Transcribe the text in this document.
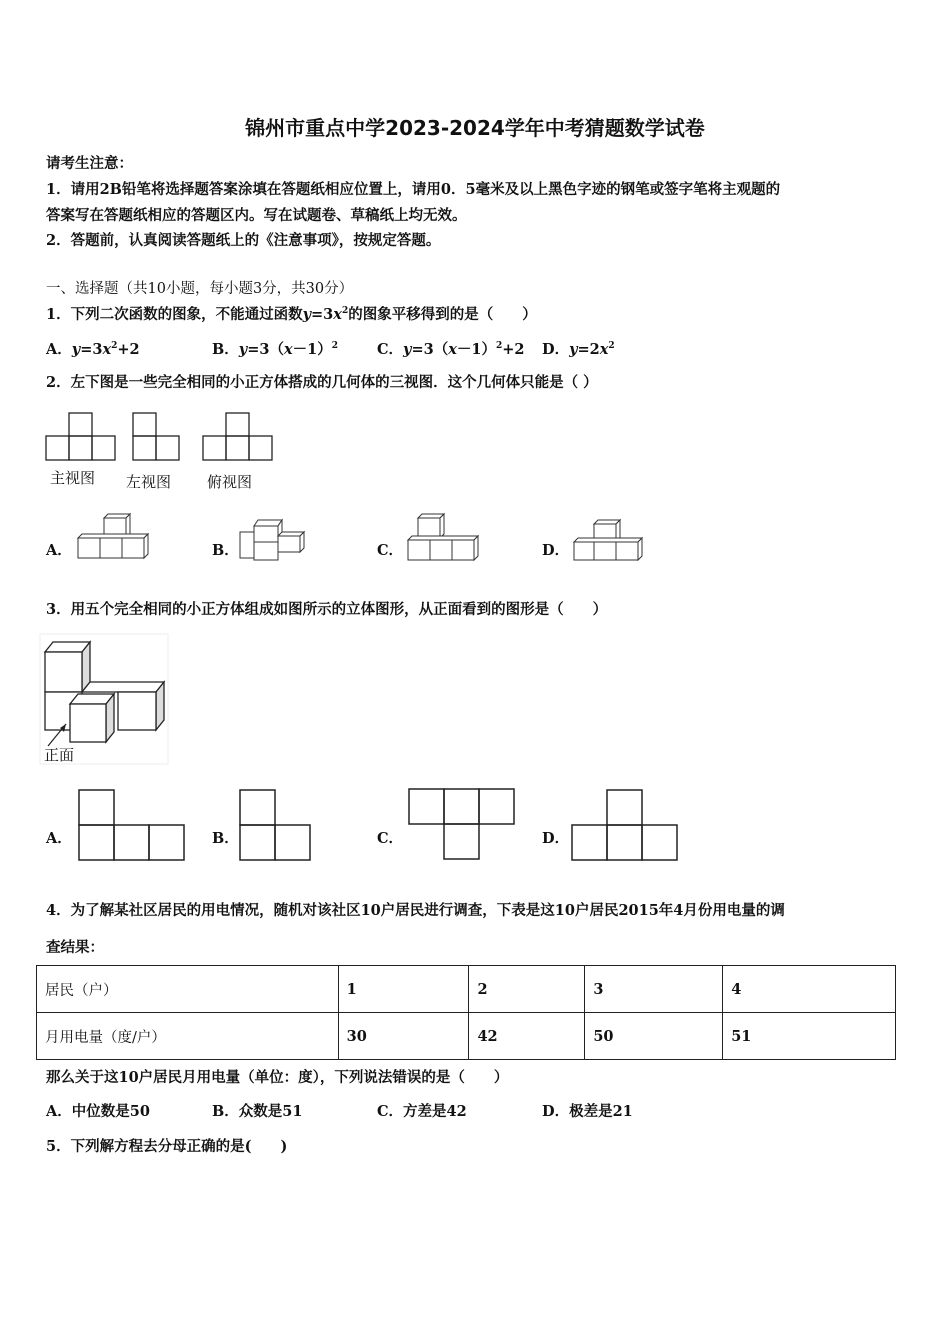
锦州市重点中学2023-2024学年中考猜题数学试卷
请考生注意：
1．请用2B铅笔将选择题答案涂填在答题纸相应位置上，请用0．5毫米及以上黑色字迹的钢笔或签字笔将主观题的
答案写在答题纸相应的答题区内。写在试题卷、草稿纸上均无效。
2．答题前，认真阅读答题纸上的《注意事项》，按规定答题。
一、选择题（共10小题，每小题3分，共30分）
1．下列二次函数的图象，不能通过函数$y=3x^2$的图象平移得到的是（　　）
A．$y=3x^2+2$	B．$y=3(x-1)^2$	C．$y=3(x-1)^2+2$ D．$y=2x^2$
2．左下图是一些完全相同的小正方体搭成的几何体的三视图．这个几何体只能是（ ）
主视图 左视图 俯视图
A．	B．	C．	D．
3．用五个完全相同的小正方体组成如图所示的立体图形，从正面看到的图形是（　　）
正面
A．	B．	C．	D．
4．为了解某社区居民的用电情况，随机对该社区10户居民进行调查，下表是这10户居民2015年4月份用电量的调
查结果：
居民（户）	1	2	3	4
月用电量（度/户）	30	42	50	51
那么关于这10户居民月用电量（单位：度），下列说法错误的是（　　）
A．中位数是50	B．众数是51	C．方差是42	D．极差是21
5．下列解方程去分母正确的是(　　)
